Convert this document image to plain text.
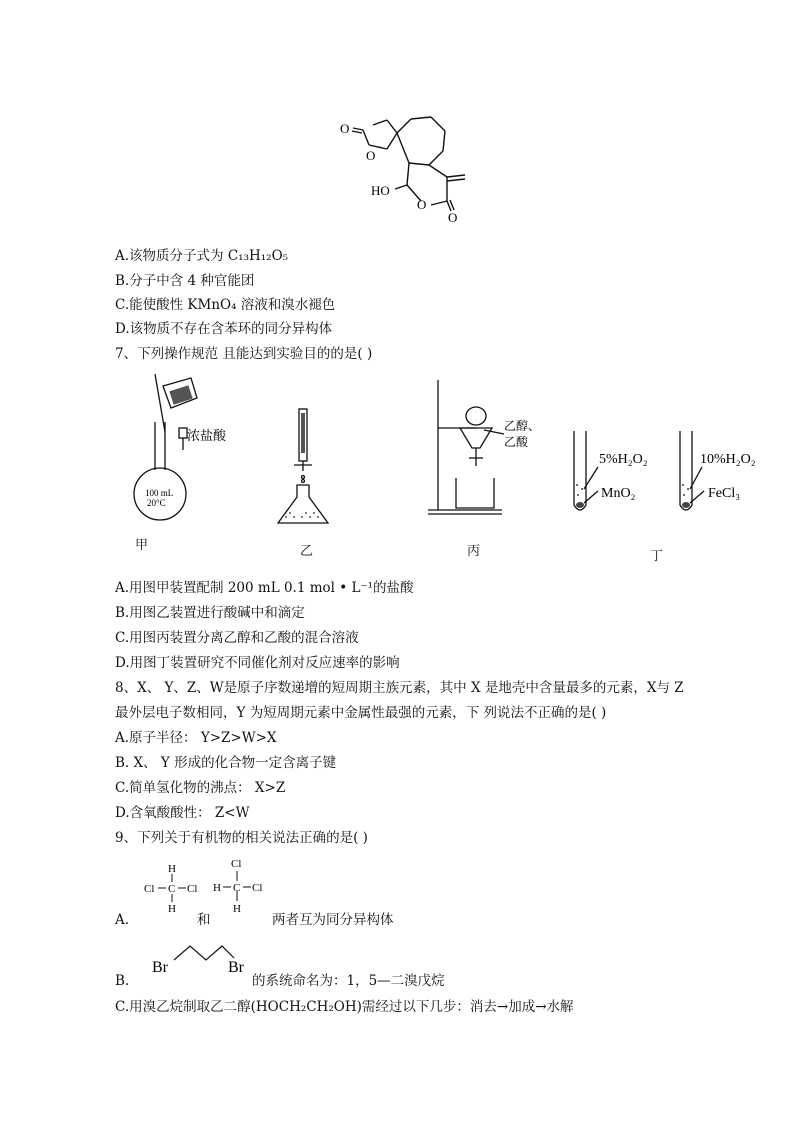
O
O
HO
O
O
A.该物质分子式为 C₁₃H₁₂O₅
B.分子中含 4 种官能团
C.能使酸性 KMnO₄ 溶液和溴水褪色
D.该物质不存在含苯环的同分异构体
7、下列操作规范 且能达到实验目的的是( )
浓盐酸
100 mL
20°C
甲	乙
乙醇、
乙酸
丙
5%H₂O₂
MnO₂
10%H₂O₂
FeCl₃
丁
A.用图甲装置配制 200 mL 0.1 mol • L⁻¹的盐酸
B.用图乙装置进行酸碱中和滴定
C.用图丙装置分离乙醇和乙酸的混合溶液
D.用图丁装置研究不同催化剂对反应速率的影响
8、X、 Y、Z、W是原子序数递增的短周期主族元素，其中 X 是地壳中含量最多的元素，X与 Z
最外层电子数相同，Y 为短周期元素中金属性最强的元素，下 列说法不正确的是( )
A.原子半径： Y>Z>W>X
B. X、 Y 形成的化合物一定含离子键
C.简单氢化物的沸点： X>Z
D.含氧酸酸性： Z<W
9、下列关于有机物的相关说法正确的是( )
H
Cl C Cl
H
Cl
H C Cl
H
A.	和	两者互为同分异构体
Br	Br
B.	的系统命名为：1，5—二溴戊烷
C.用溴乙烷制取乙二醇(HOCH₂CH₂OH)需经过以下几步：消去→加成→水解
